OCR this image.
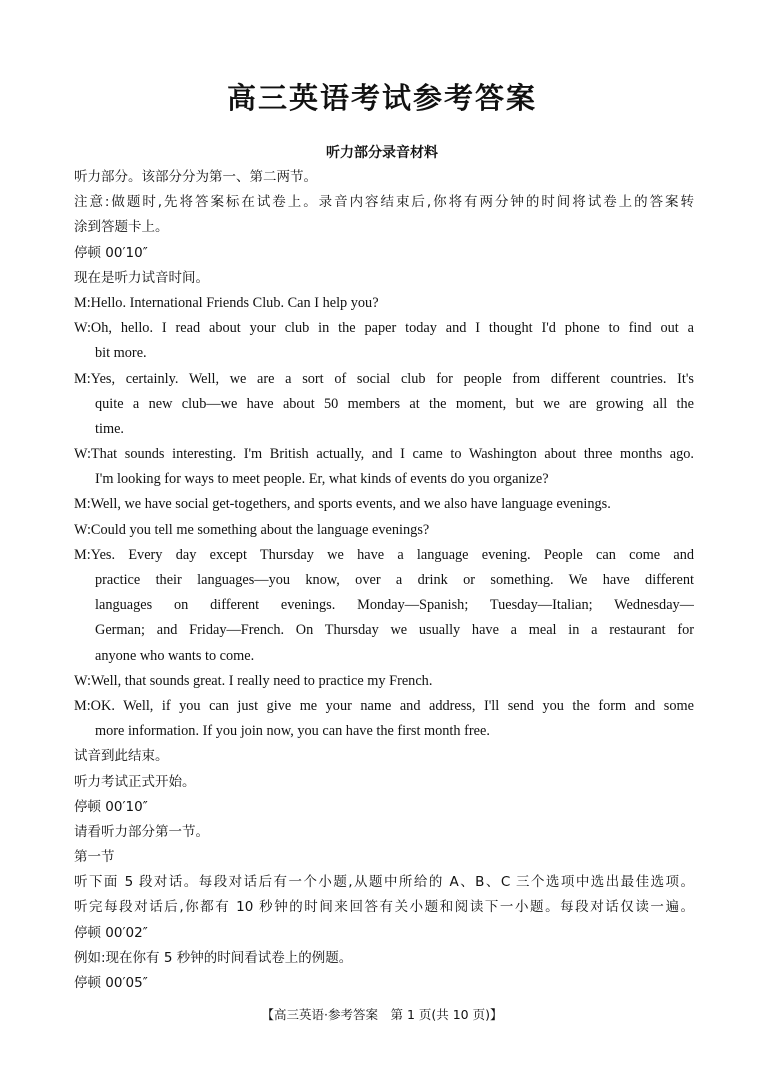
高三英语考试参考答案
听力部分录音材料
听力部分。该部分分为第一、第二两节。
注意:做题时,先将答案标在试卷上。录音内容结束后,你将有两分钟的时间将试卷上的答案转
涂到答题卡上。
停顿 00′10″
现在是听力试音时间。
M:Hello. International Friends Club. Can I help you?
W:Oh, hello. I read about your club in the paper today and I thought I'd phone to find out a
bit more.
M:Yes, certainly. Well, we are a sort of social club for people from different countries. It's
quite a new club—we have about 50 members at the moment, but we are growing all the
time.
W:That sounds interesting. I'm British actually, and I came to Washington about three months ago.
I'm looking for ways to meet people. Er, what kinds of events do you organize?
M:Well, we have social get-togethers, and sports events, and we also have language evenings.
W:Could you tell me something about the language evenings?
M:Yes. Every day except Thursday we have a language evening. People can come and
practice their languages—you know, over a drink or something. We have different
languages on different evenings. Monday—Spanish; Tuesday—Italian; Wednesday—
German; and Friday—French. On Thursday we usually have a meal in a restaurant for
anyone who wants to come.
W:Well, that sounds great. I really need to practice my French.
M:OK. Well, if you can just give me your name and address, I'll send you the form and some
more information. If you join now, you can have the first month free.
试音到此结束。
听力考试正式开始。
停顿 00′10″
请看听力部分第一节。
第一节
听下面 5 段对话。每段对话后有一个小题,从题中所给的 A、B、C 三个选项中选出最佳选项。
听完每段对话后,你都有 10 秒钟的时间来回答有关小题和阅读下一小题。每段对话仅读一遍。
停顿 00′02″
例如:现在你有 5 秒钟的时间看试卷上的例题。
停顿 00′05″
【高三英语·参考答案　第 1 页(共 10 页)】
